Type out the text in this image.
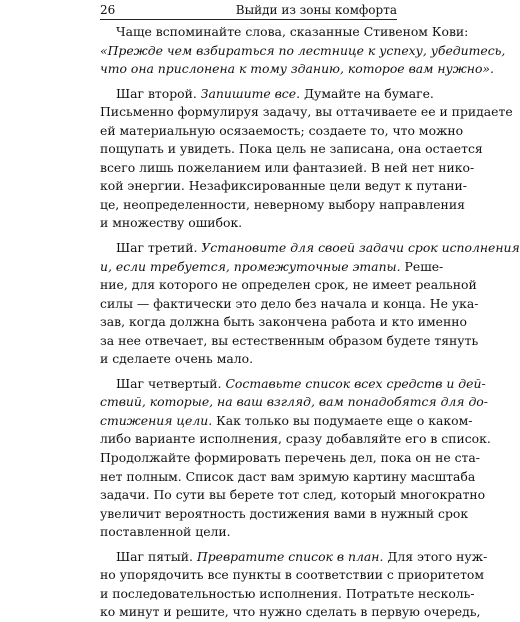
26	Выйди из зоны комфорта
Чаще вспоминайте слова, сказанные Стивеном Кови:
«Прежде чем взбираться по лестнице к успеху, убедитесь,
что она прислонена к тому зданию, которое вам нужно».
Шаг второй. Запишите все. Думайте на бумаге.
Письменно формулируя задачу, вы оттачиваете ее и придаете
ей материальную осязаемость; создаете то, что можно
пощупать и увидеть. Пока цель не записана, она остается
всего лишь пожеланием или фантазией. В ней нет нико-
кой энергии. Незафиксированные цели ведут к путани-
це, неопределенности, неверному выбору направления
и множеству ошибок.
Шаг третий. Установите для своей задачи срок исполнения
и, если требуется, промежуточные этапы. Реше-
ние, для которого не определен срок, не имеет реальной
силы — фактически это дело без начала и конца. Не ука-
зав, когда должна быть закончена работа и кто именно
за нее отвечает, вы естественным образом будете тянуть
и сделаете очень мало.
Шаг четвертый. Составьте список всех средств и дей-
ствий, которые, на ваш взгляд, вам понадобятся для до-
стижения цели. Как только вы подумаете еще о каком-
либо варианте исполнения, сразу добавляйте его в список.
Продолжайте формировать перечень дел, пока он не ста-
нет полным. Список даст вам зримую картину масштаба
задачи. По сути вы берете тот след, который многократно
увеличит вероятность достижения вами в нужный срок
поставленной цели.
Шаг пятый. Превратите список в план. Для этого нуж-
но упорядочить все пункты в соответствии с приоритетом
и последовательностью исполнения. Потратьте несколь-
ко минут и решите, что нужно сделать в первую очередь,
